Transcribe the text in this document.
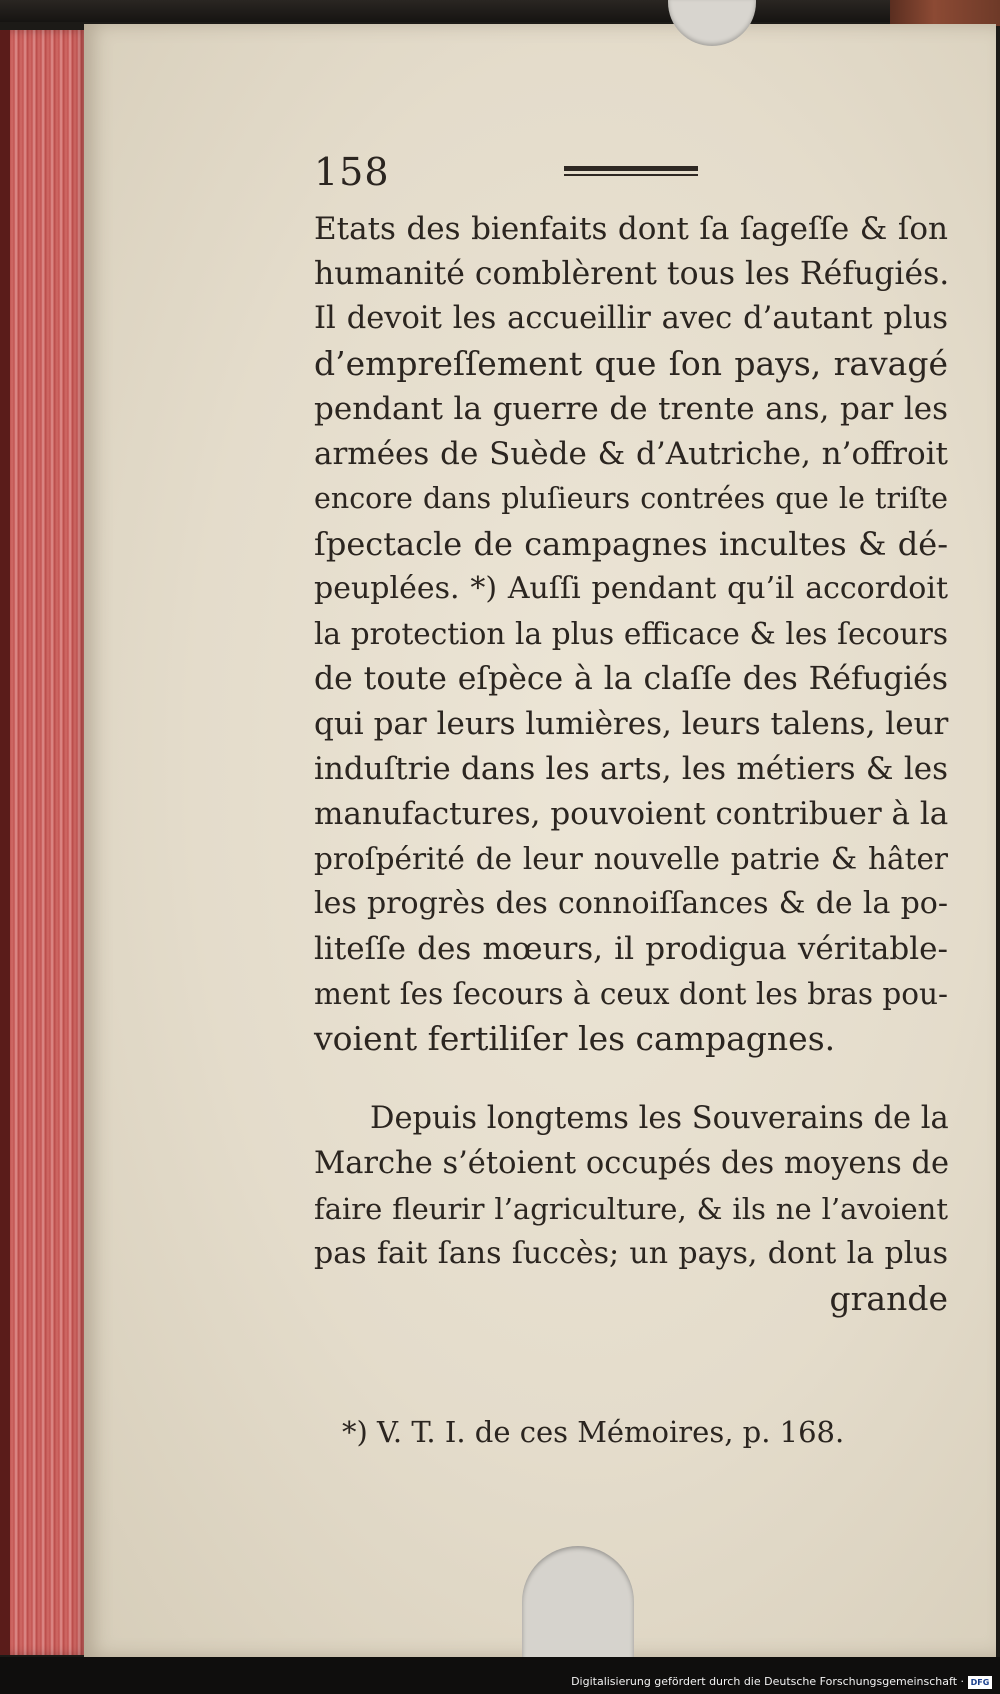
158
Etats des bienfaits dont ſa ſageſſe & ſon
humanité comblèrent tous les Réfugiés.
Il devoit les accueillir avec d’autant plus
d’empreſſement que ſon pays, ravagé
pendant la guerre de trente ans, par les
armées de Suède & d’Autriche, n’offroit
encore dans pluſieurs contrées que le triſte
ſpectacle de campagnes incultes & dé-
peuplées. *) Auſſi pendant qu’il accordoit
la protection la plus efficace & les ſecours
de toute eſpèce à la claſſe des Réfugiés
qui par leurs lumières, leurs talens, leur
induſtrie dans les arts, les métiers & les
manufactures, pouvoient contribuer à la
proſpérité de leur nouvelle patrie & hâter
les progrès des connoiſſances & de la po-
liteſſe des mœurs, il prodigua véritable-
ment ſes ſecours à ceux dont les bras pou-
voient fertiliſer les campagnes.
Depuis longtems les Souverains de la
Marche s’étoient occupés des moyens de
faire fleurir l’agriculture, & ils ne l’avoient
pas fait ſans ſuccès; un pays, dont la plus
grande
*) V. T. I. de ces Mémoires, p. 168.
Digitalisierung gefördert durch die Deutsche Forschungsgemeinschaft · DFG
